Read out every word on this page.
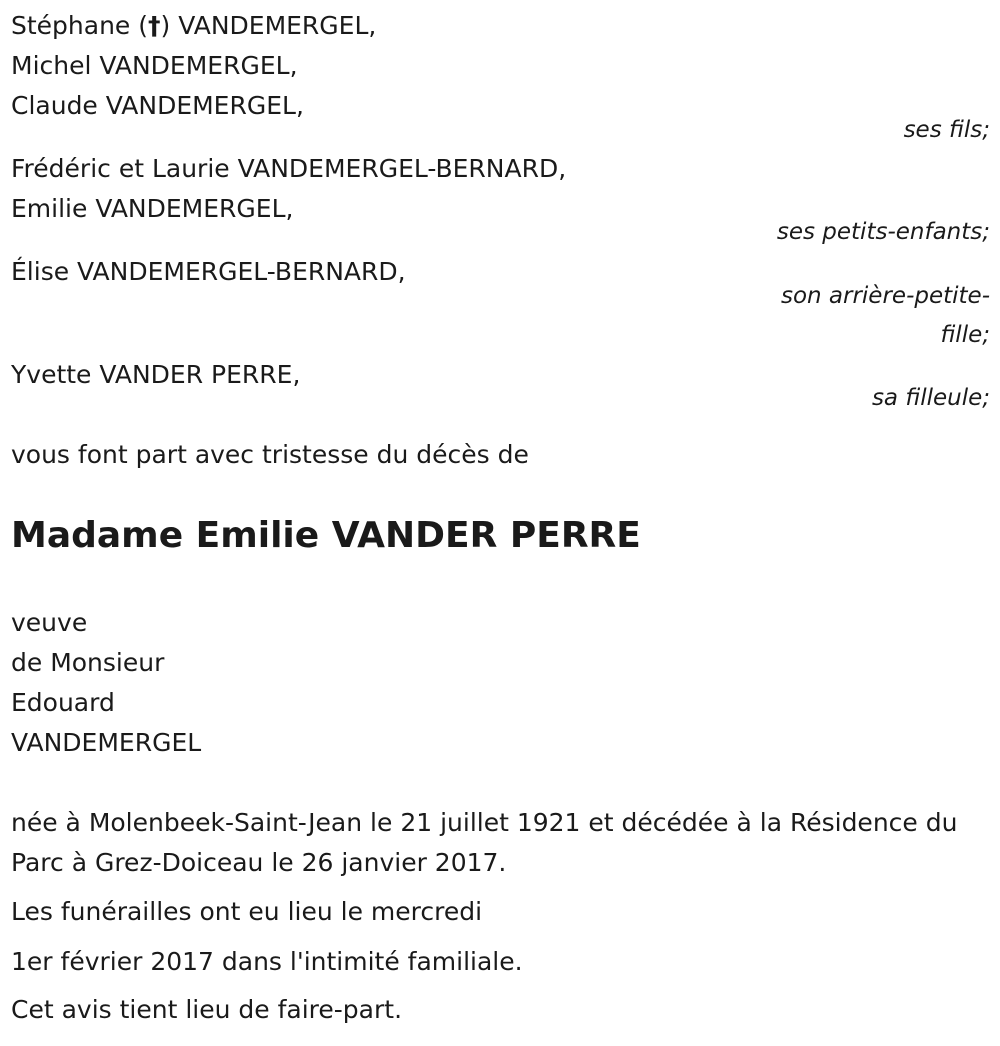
Stéphane (†) VANDEMERGEL,
Michel VANDEMERGEL,
Claude VANDEMERGEL,
ses fils;
Frédéric et Laurie VANDEMERGEL-BERNARD,
Emilie VANDEMERGEL,
ses petits-enfants;
Élise VANDEMERGEL-BERNARD,
son arrière-petite-
fille;
Yvette VANDER PERRE,
sa filleule;
vous font part avec tristesse du décès de
Madame Emilie VANDER PERRE
veuve
de Monsieur
Edouard
VANDEMERGEL

née à Molenbeek-Saint-Jean le 21 juillet 1921 et décédée à la Résidence du Parc à Grez-Doiceau le 26 janvier 2017.

Les funérailles ont eu lieu le mercredi
1er février 2017 dans l'intimité familiale.
Cet avis tient lieu de faire-part.
